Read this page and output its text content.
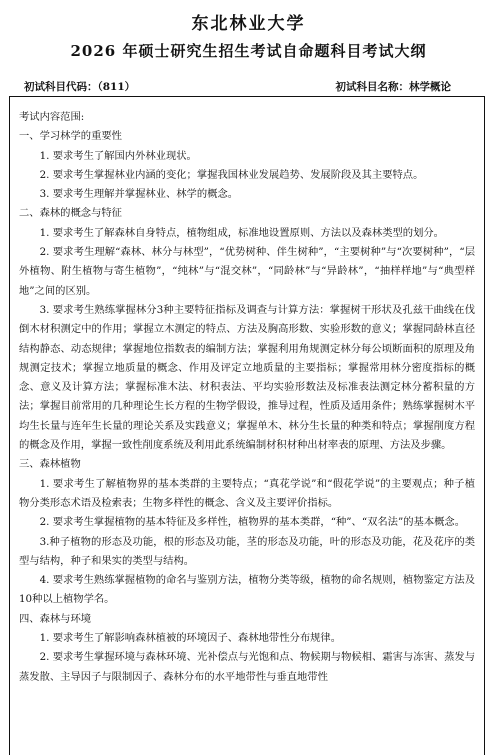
东北林业大学
2026 年硕士研究生招生考试自命题科目考试大纲
初试科目代码：（811）	初试科目名称：林学概论

考试内容范围:

一、学习林学的重要性

1. 要求考生了解国内外林业现状。

2. 要求考生掌握林业内涵的变化；掌握我国林业发展趋势、发展阶段及其主要特点。

3. 要求考生理解并掌握林业、林学的概念。

二、森林的概念与特征

1. 要求考生了解森林自身特点，植物组成，标准地设置原则、方法以及森林类型的划分。

2. 要求考生理解“森林、林分与林型”，“优势树种、伴生树种”，“主要树种”与“次要树种”，“层外植物、附生植物与寄生植物”，“纯林”与“混交林”，“同龄林”与“异龄林”，“抽样样地”与“典型样地”之间的区别。

3. 要求考生熟练掌握林分3种主要特征指标及调查与计算方法：掌握树干形状及孔兹干曲线在伐倒木材积测定中的作用；掌握立木测定的特点、方法及胸高形数、实验形数的意义；掌握同龄林直径结构静态、动态规律；掌握地位指数表的编制方法；掌握利用角规测定林分每公顷断面积的原理及角规测定技术；掌握立地质量的概念、作用及评定立地质量的主要指标；掌握常用林分密度指标的概念、意义及计算方法；掌握标准木法、材积表法、平均实验形数法及标准表法测定林分蓄积量的方法；掌握目前常用的几种理论生长方程的生物学假设，推导过程，性质及适用条件；熟练掌握树木平均生长量与连年生长量的理论关系及实践意义；掌握单木、林分生长量的种类和特点；掌握削度方程的概念及作用，掌握一致性削度系统及利用此系统编制材积材种出材率表的原理、方法及步骤。

三、森林植物

1. 要求考生了解植物界的基本类群的主要特点；“真花学说”和“假花学说”的主要观点；种子植物分类形态术语及检索表；生物多样性的概念、含义及主要评价指标。

2. 要求考生掌握植物的基本特征及多样性，植物界的基本类群，“种”、“双名法”的基本概念。

3.种子植物的形态及功能，根的形态及功能，茎的形态及功能，叶的形态及功能，花及花序的类型与结构，种子和果实的类型与结构。

4. 要求考生熟练掌握植物的命名与鉴别方法，植物分类等级，植物的命名规则，植物鉴定方法及10种以上植物学名。

四、森林与环境

1. 要求考生了解影响森林植被的环境因子、森林地带性分布规律。

2. 要求考生掌握环境与森林环境、光补偿点与光饱和点、物候期与物候相、霜害与冻害、蒸发与蒸发散、主导因子与限制因子、森林分布的水平地带性与垂直地带性
